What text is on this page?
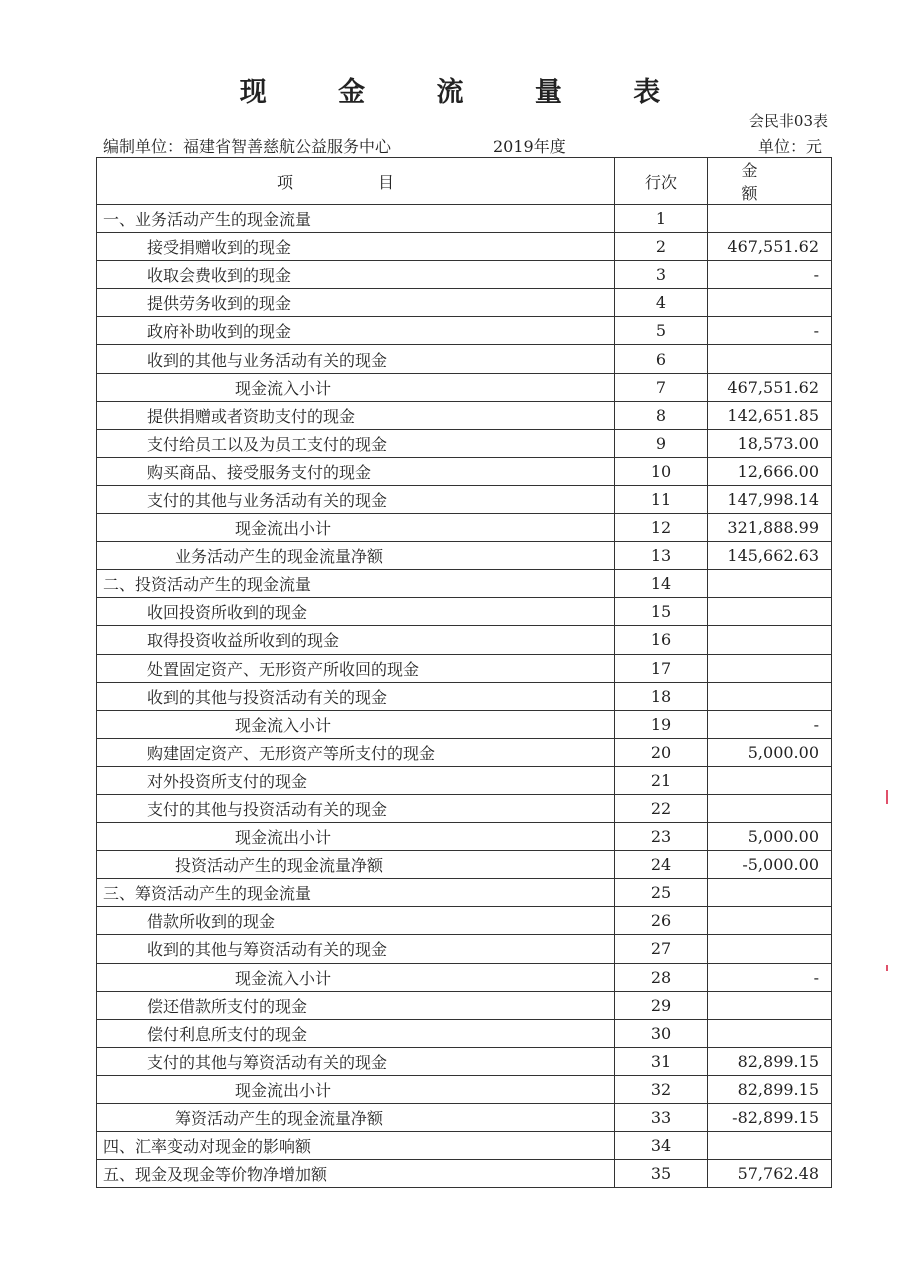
现 金 流 量 表
会民非03表
编制单位：福建省智善慈航公益服务中心	2019年度	单位：元
项 目	行次	金 额
一、业务活动产生的现金流量	1	
接受捐赠收到的现金	2	467,551.62
收取会费收到的现金	3	-
提供劳务收到的现金	4	
政府补助收到的现金	5	-
收到的其他与业务活动有关的现金	6	
现金流入小计	7	467,551.62
提供捐赠或者资助支付的现金	8	142,651.85
支付给员工以及为员工支付的现金	9	18,573.00
购买商品、接受服务支付的现金	10	12,666.00
支付的其他与业务活动有关的现金	11	147,998.14
现金流出小计	12	321,888.99
业务活动产生的现金流量净额	13	145,662.63
二、投资活动产生的现金流量	14	
收回投资所收到的现金	15	
取得投资收益所收到的现金	16	
处置固定资产、无形资产所收回的现金	17	
收到的其他与投资活动有关的现金	18	
现金流入小计	19	-
购建固定资产、无形资产等所支付的现金	20	5,000.00
对外投资所支付的现金	21	
支付的其他与投资活动有关的现金	22	
现金流出小计	23	5,000.00
投资活动产生的现金流量净额	24	-5,000.00
三、筹资活动产生的现金流量	25	
借款所收到的现金	26	
收到的其他与筹资活动有关的现金	27	
现金流入小计	28	-
偿还借款所支付的现金	29	
偿付利息所支付的现金	30	
支付的其他与筹资活动有关的现金	31	82,899.15
现金流出小计	32	82,899.15
筹资活动产生的现金流量净额	33	-82,899.15
四、汇率变动对现金的影响额	34	
五、现金及现金等价物净增加额	35	57,762.48
